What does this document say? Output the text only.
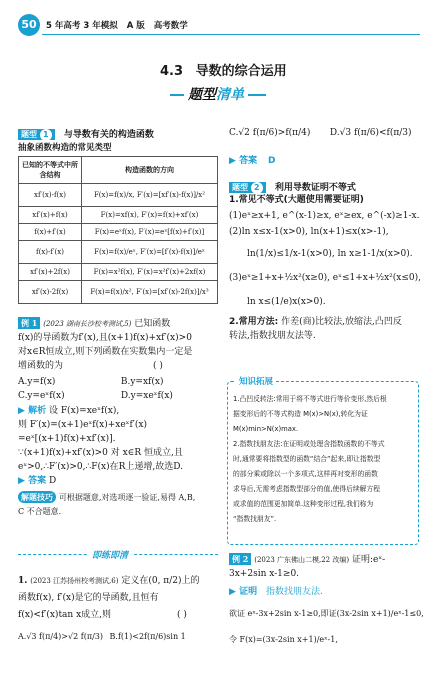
50	5 年高考 3 年模拟 A 版 高考数学
4.3 导数的综合运用
题型清单
题型 1 与导数有关的构造函数
抽象函数构造的常见类型
已知的不等式中所含结构	构造函数的方向
xf′(x)-f(x)	F(x)=f(x)/x, F′(x)=[xf′(x)-f(x)]/x²
xf′(x)+f(x)	F(x)=xf(x), F′(x)=f(x)+xf′(x)
f(x)+f′(x)	F(x)=eˣf(x), F′(x)=eˣ[f(x)+f′(x)]
f(x)-f′(x)	F(x)=f(x)/eˣ, F′(x)=[f′(x)-f(x)]/eˣ
xf′(x)+2f(x)	F(x)=x²f(x), F′(x)=x²f′(x)+2xf(x)
xf′(x)-2f(x)	F(x)=f(x)/x², F′(x)=[xf′(x)-2f(x)]/x³
例 1 (2023 湖南长沙校考测试,5) 已知函数
f(x)的导函数为f′(x),且(x+1)f(x)+xf′(x)>0
对x∈R恒成立,则下列函数在实数集内一定是
增函数的为	( )
A.y=f(x)	B.y=xf(x)
C.y=eˣf(x)	D.y=xeˣf(x)
▶ 解析 设 F(x)=xeˣf(x),
则 F′(x)=(x+1)eˣf(x)+xeˣf′(x)
=eˣ[(x+1)f(x)+xf′(x)].
∵(x+1)f(x)+xf′(x)>0 对 x∈R 恒成立,且
eˣ>0,∴F′(x)>0,∴F(x)在R上递增,故选D.
▶ 答案 D
解题技巧 可根据题意,对选项逐一验证,易得 A,B,
C 不合题意.
即练即清
1. (2023 江苏扬州校考测试,6) 定义在(0, π/2)上的
函数f(x), f′(x)是它的导函数,且恒有
f(x)<f′(x)tan x成立,则	( )
A.√3 f(π/4)>√2 f(π/3) B.f(1)<2f(π/6)sin 1
C.√2 f(π/6)>f(π/4) D.√3 f(π/6)<f(π/3)
▶ 答案 D
题型 2 利用导数证明不等式
1.常见不等式(大题使用需要证明)
(1)eˣ≥x+1, e^(x-1)≥x, eˣ≥ex, e^(-x)≥1-x.
(2)ln x≤x-1(x>0), ln(x+1)≤x(x>-1),
ln(1/x)≤1/x-1(x>0), ln x≥1-1/x(x>0).
(3)eˣ≥1+x+½x²(x≥0), eˣ≤1+x+½x²(x≤0),
ln x≤(1/e)x(x>0).
2.常用方法: 作差(商)比较法,放缩法,凸凹反
转法,指数找朋友法等.
知识拓展
1.凸凹反转法:常用于将不等式进行等价变形,然后根
据变形后的不等式构造 M(x)>N(x),转化为证
M(x)min>N(x)max.
2.指数找朋友法:在证明或处理含指数函数的不等式
时,通常要将指数型的函数“结合”起来,即让指数型
的部分乘或除以一个多项式,这样再对变形的函数
求导后,无需考虑指数型部分的值,使得后续解方程
或求值的范围更加简单.这种变形过程,我们称为
“指数找朋友”.
例 2 (2023 广东佛山二模,22 改编) 证明:eˣ-
3x+2sin x-1≥0.
▶ 证明 指数找朋友法.
欲证 eˣ-3x+2sin x-1≥0,即证(3x-2sin x+1)/eˣ-1≤0,
令 F(x)=(3x-2sin x+1)/eˣ-1,
